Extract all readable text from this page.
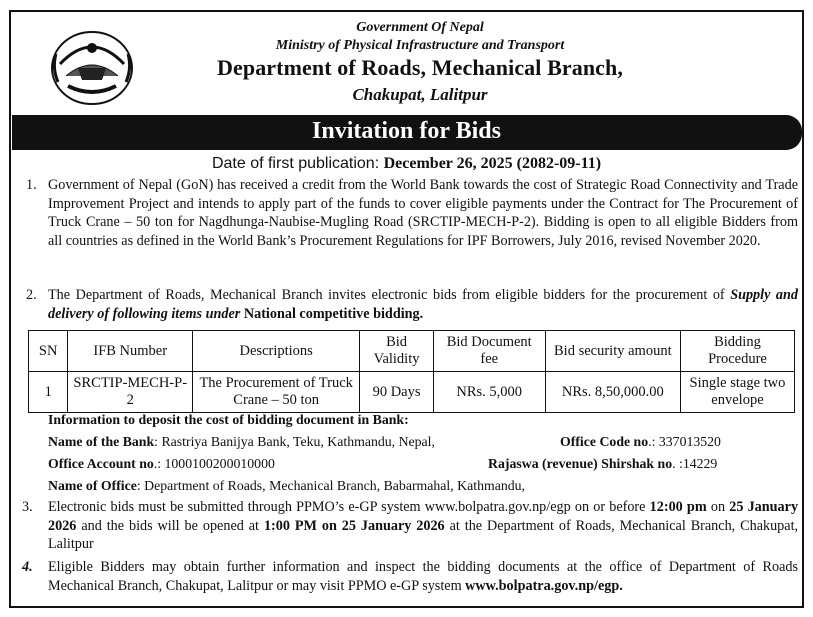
Government Of Nepal
Ministry of Physical Infrastructure and Transport
Department of Roads, Mechanical Branch,
Chakupat, Lalitpur
Invitation for Bids
Date of first publication: December 26, 2025 (2082-09-11)
1. Government of Nepal (GoN) has received a credit from the World Bank towards the cost of Strategic Road Connectivity and Trade Improvement Project and intends to apply part of the funds to cover eligible payments under the Contract for The Procurement of Truck Crane – 50 ton for Nagdhunga-Naubise-Mugling Road (SRCTIP-MECH-P-2). Bidding is open to all eligible Bidders from all countries as defined in the World Bank’s Procurement Regulations for IPF Borrowers, July 2016, revised November 2020.
2. The Department of Roads, Mechanical Branch invites electronic bids from eligible bidders for the procurement of Supply and delivery of following items under National competitive bidding.
SN	IFB Number	Descriptions	Bid Validity	Bid Document fee	Bid security amount	Bidding Procedure
1	SRCTIP-MECH-P-2	The Procurement of Truck Crane – 50 ton	90 Days	NRs. 5,000	NRs. 8,50,000.00	Single stage two envelope
Information to deposit the cost of bidding document in Bank:
Name of the Bank: Rastriya Banijya Bank, Teku, Kathmandu, Nepal,	Office Code no.: 337013520
Office Account no.: 1000100200010000	Rajaswa (revenue) Shirshak no. :14229
Name of Office: Department of Roads, Mechanical Branch, Babarmahal, Kathmandu,
3. Electronic bids must be submitted through PPMO’s e-GP system www.bolpatra.gov.np/egp on or before 12:00 pm on 25 January 2026 and the bids will be opened at 1:00 PM on 25 January 2026 at the Department of Roads, Mechanical Branch, Chakupat, Lalitpur
4. Eligible Bidders may obtain further information and inspect the bidding documents at the office of Department of Roads Mechanical Branch, Chakupat, Lalitpur or may visit PPMO e-GP system www.bolpatra.gov.np/egp.
